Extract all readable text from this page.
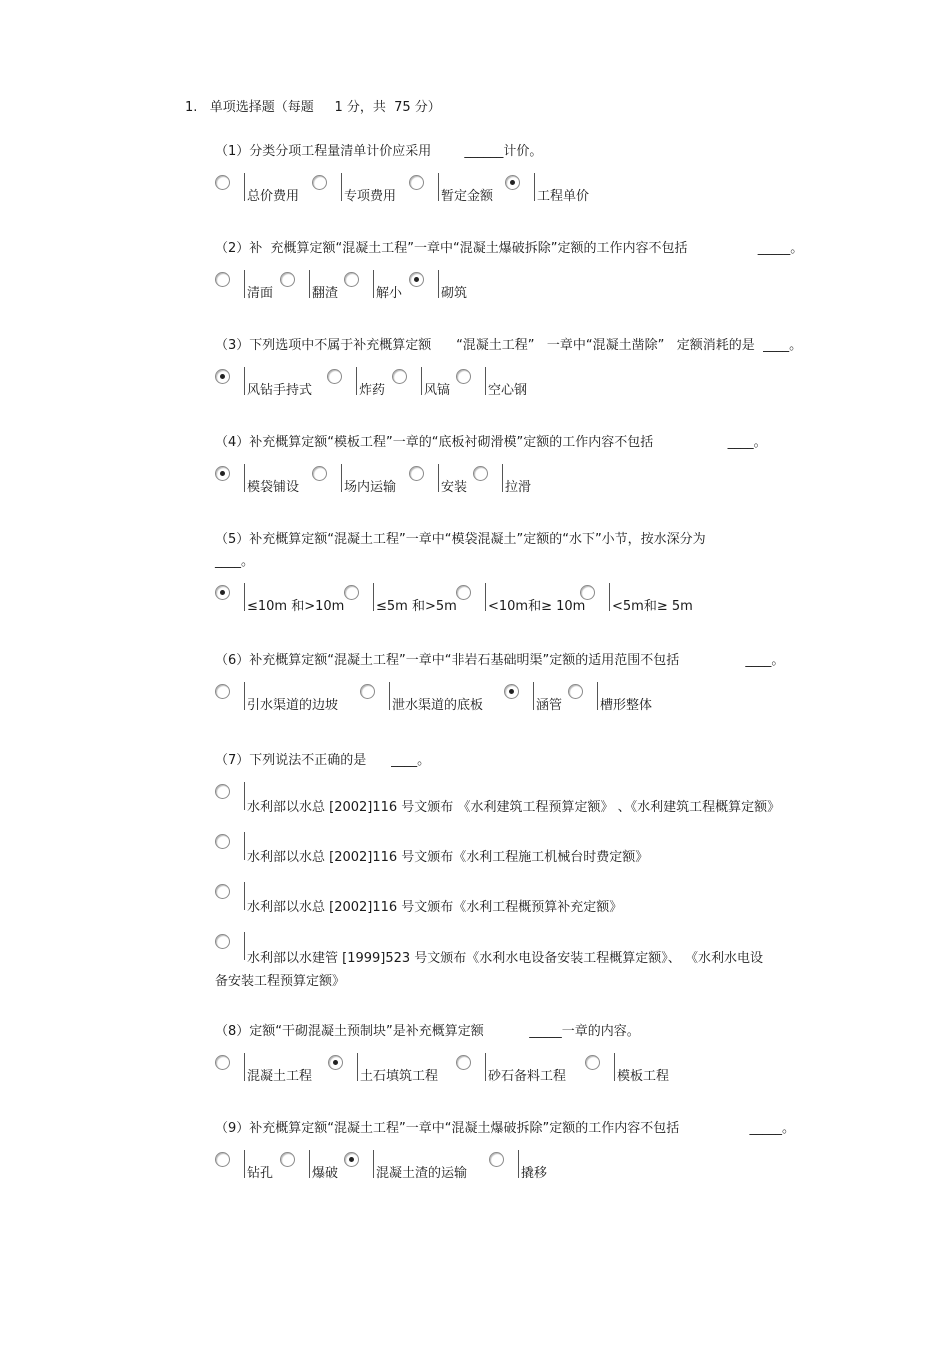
1.   单项选择题（每题     1 分，共  75 分）
（1）分类分项工程量清单计价应采用        ______计价。
总价费用	专项费用	暂定金额	工程单价
（2）补  充概算定额“混凝土工程”一章中“混凝土爆破拆除”定额的工作内容不包括                 _____。
清面	翻渣	解小	砌筑
（3）下列选项中不属于补充概算定额      “混凝土工程”   一章中“混凝土凿除”   定额消耗的是  ____。
风钻手持式	炸药	风镐	空心钢
（4）补充概算定额“模板工程”一章的“底板衬砌滑模”定额的工作内容不包括                  ____。
模袋铺设	场内运输	安装	拉滑
（5）补充概算定额“混凝土工程”一章中“模袋混凝土”定额的“水下”小节，按水深分为
____。
≤10m 和>10m ≤5m 和>5m <10m和≥ 10m <5m和≥ 5m
（6）补充概算定额“混凝土工程”一章中“非岩石基础明渠”定额的适用范围不包括                ____。
引水渠道的边坡	泄水渠道的底板	涵管	槽形整体
（7）下列说法不正确的是      ____。
水利部以水总 [2002]116 号文颁布 《水利建筑工程预算定额》 、《水利建筑工程概算定额》
水利部以水总 [2002]116 号文颁布《水利工程施工机械台时费定额》
水利部以水总 [2002]116 号文颁布《水利工程概预算补充定额》
水利部以水建管 [1999]523 号文颁布《水利水电设备安装工程概算定额》、 《水利水电设
备安装工程预算定额》
（8）定额“干砌混凝土预制块”是补充概算定额           _____一章的内容。
混凝土工程	土石填筑工程	砂石备料工程	模板工程
（9）补充概算定额“混凝土工程”一章中“混凝土爆破拆除”定额的工作内容不包括                 _____。
钻孔	爆破	混凝土渣的运输	撬移
